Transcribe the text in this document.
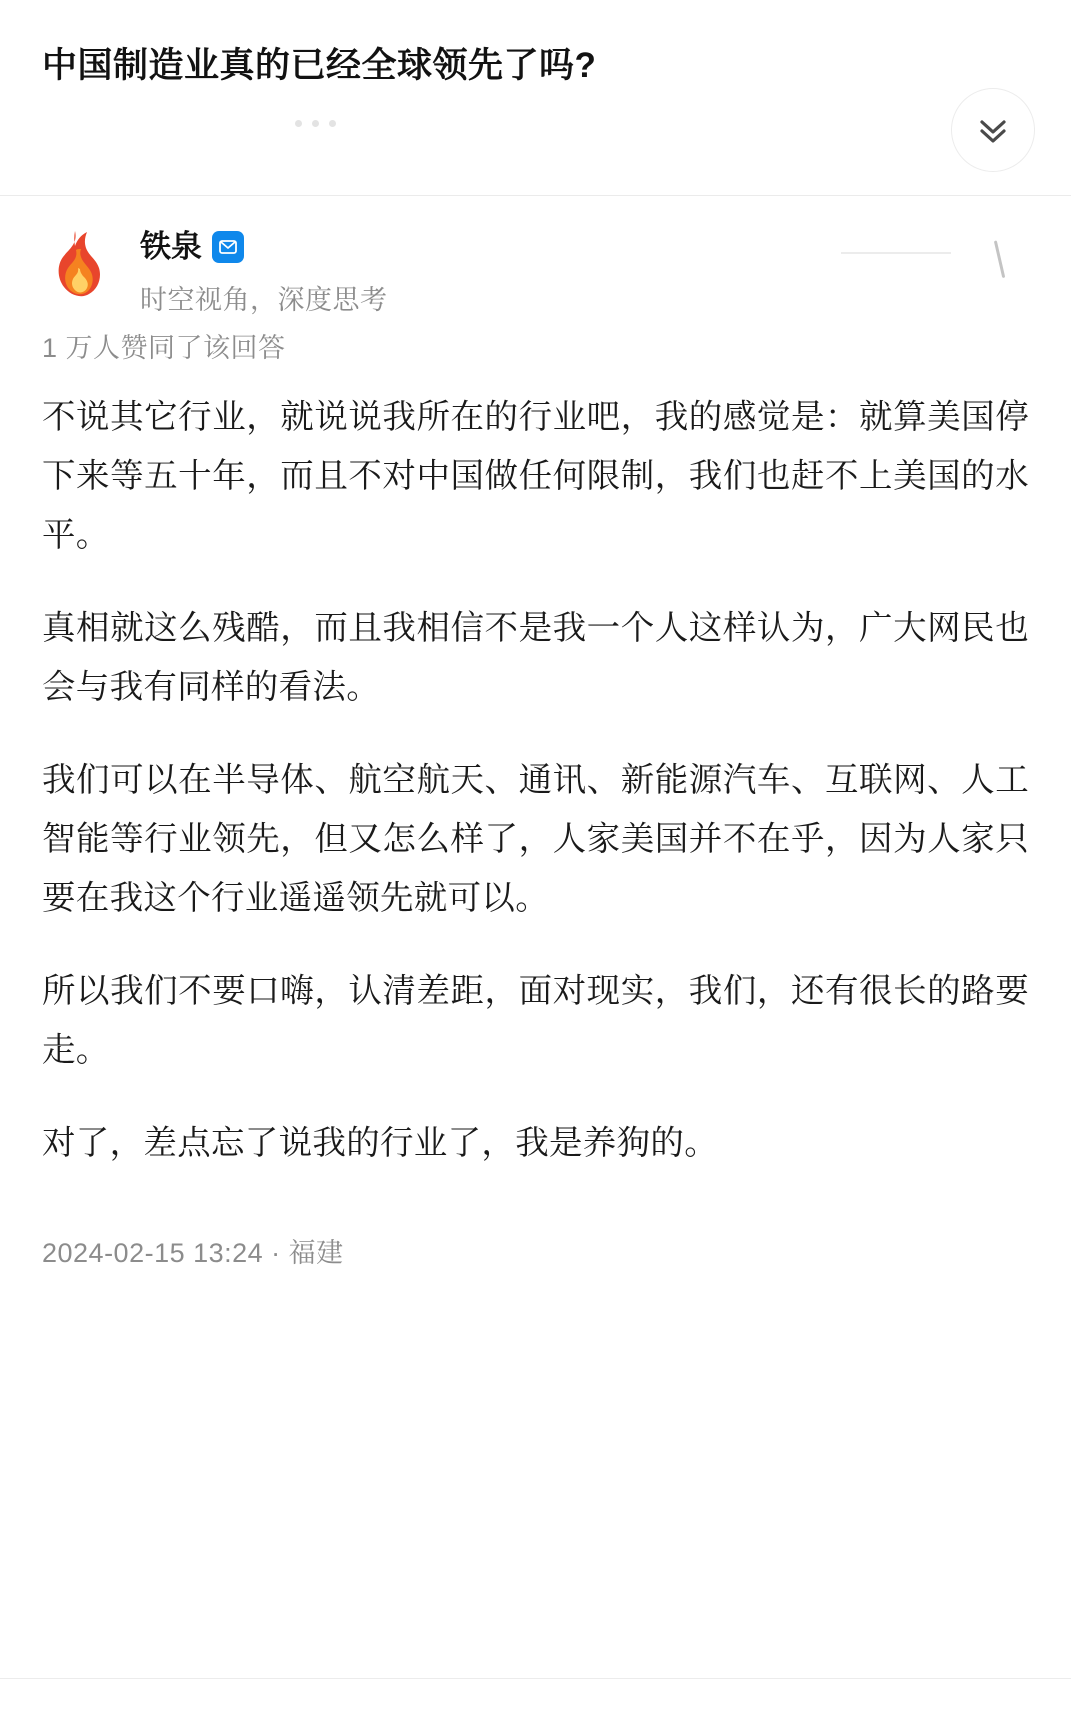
中国制造业真的已经全球领先了吗?
铁泉
时空视角，深度思考
1 万人赞同了该回答

不说其它行业，就说说我所在的行业吧，我的感觉是：就算美国停下来等五十年，而且不对中国做任何限制，我们也赶不上美国的水平。

真相就这么残酷，而且我相信不是我一个人这样认为，广大网民也会与我有同样的看法。

我们可以在半导体、航空航天、通讯、新能源汽车、互联网、人工智能等行业领先，但又怎么样了，人家美国并不在乎，因为人家只要在我这个行业遥遥领先就可以。

所以我们不要口嗨，认清差距，面对现实，我们，还有很长的路要走。

对了，差点忘了说我的行业了，我是养狗的。

2024-02-15 13:24 · 福建
